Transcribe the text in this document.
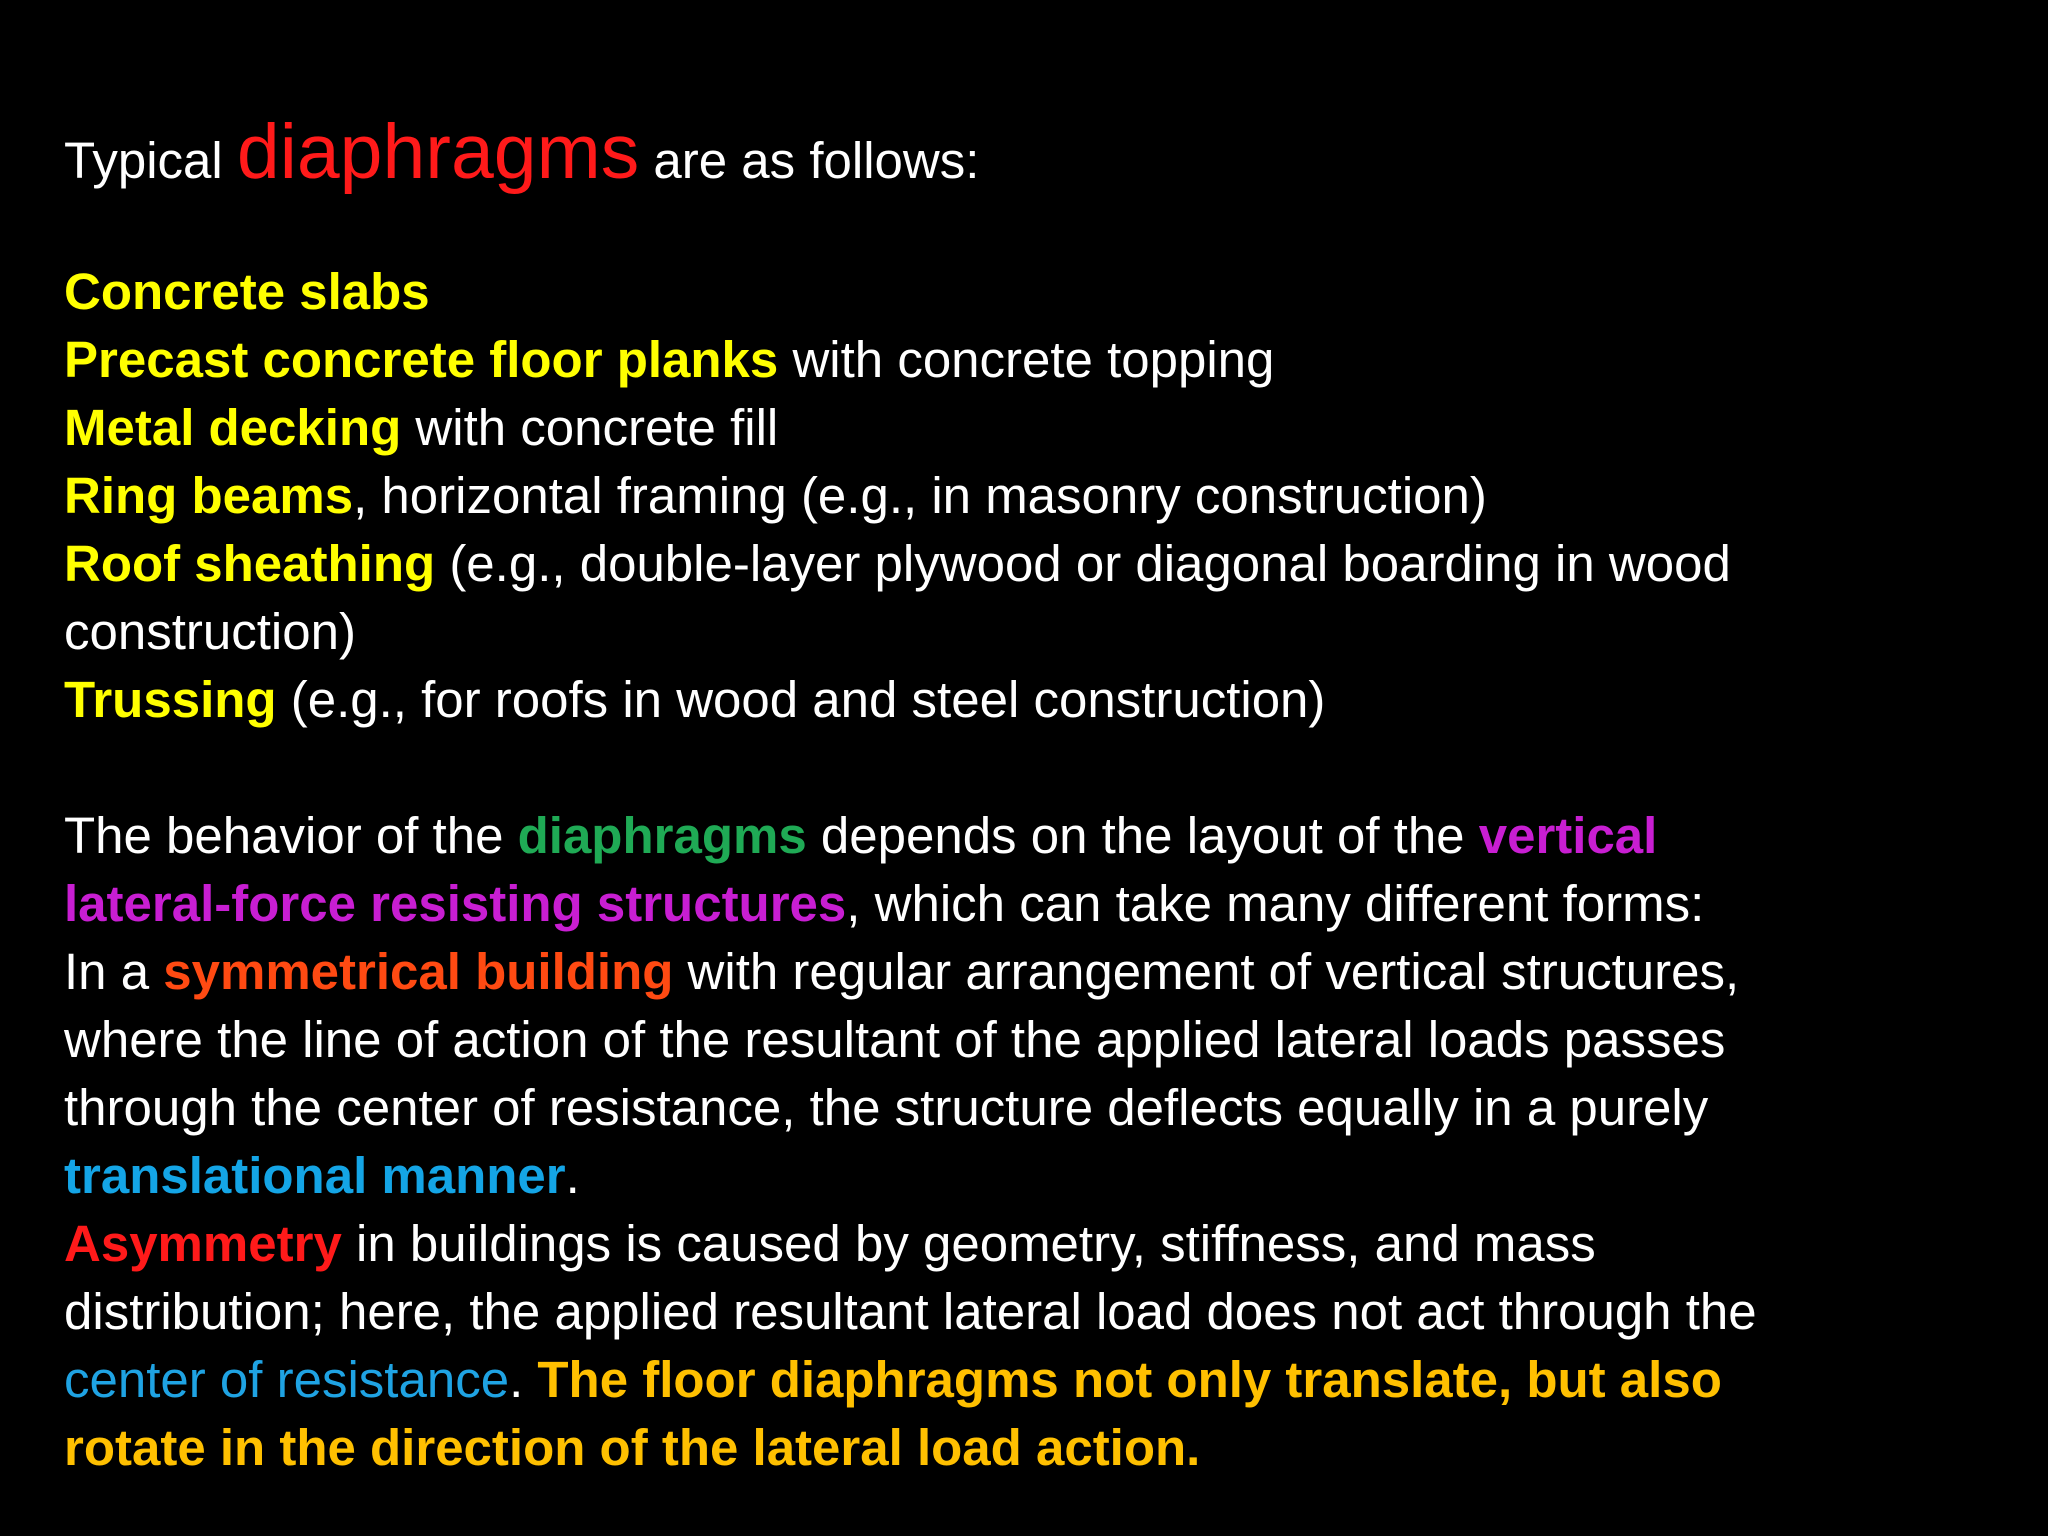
Typical diaphragms are as follows:
Concrete slabs
Precast concrete floor planks with concrete topping
Metal decking with concrete fill
Ring beams, horizontal framing (e.g., in masonry construction)
Roof sheathing (e.g., double-layer plywood or diagonal boarding in wood
construction)
Trussing (e.g., for roofs in wood and steel construction)
The behavior of the diaphragms depends on the layout of the vertical
lateral-force resisting structures, which can take many different forms:
In a symmetrical building with regular arrangement of vertical structures,
where the line of action of the resultant of the applied lateral loads passes
through the center of resistance, the structure deflects equally in a purely
translational manner.
Asymmetry in buildings is caused by geometry, stiffness, and mass
distribution; here, the applied resultant lateral load does not act through the
center of resistance. The floor diaphragms not only translate, but also
rotate in the direction of the lateral load action.
